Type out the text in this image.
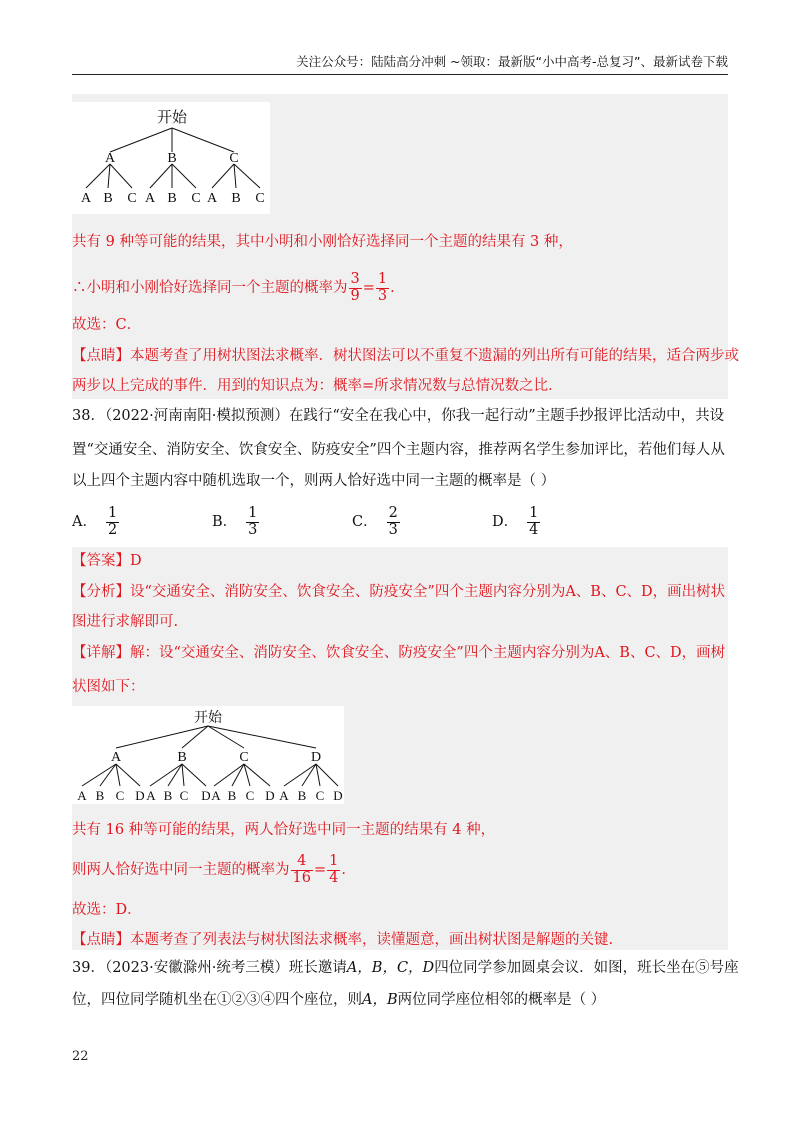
关注公众号：陆陆高分冲刺 ~领取：最新版“小中高考-总复习”、最新试卷下载
开始
A	B	C
A B C A B C A B C
共有 9 种等可能的结果，其中小明和小刚恰好选择同一个主题的结果有 3 种，
∴小明和小刚恰好选择同一个主题的概率为 $\frac{3}{9} = \frac{1}{3}$ .
故选：C．
【点睛】本题考查了用树状图法求概率．树状图法可以不重复不遗漏的列出所有可能的结果，适合两步或
两步以上完成的事件．用到的知识点为：概率=所求情况数与总情况数之比．
38．（2022·河南南阳·模拟预测）在践行“安全在我心中，你我一起行动”主题手抄报评比活动中，共设
置“交通安全、消防安全、饮食安全、防疫安全”四个主题内容，推荐两名学生参加评比，若他们每人从
以上四个主题内容中随机选取一个，则两人恰好选中同一主题的概率是（ ）
A． $\frac{1}{2}$	B． $\frac{1}{3}$	C． $\frac{2}{3}$	D． $\frac{1}{4}$
【答案】D
【分析】设“交通安全、消防安全、饮食安全、防疫安全”四个主题内容分别为A、B、C、D，画出树状
图进行求解即可.
【详解】解：设“交通安全、消防安全、饮食安全、防疫安全”四个主题内容分别为A、B、C、D，画树
状图如下：
开始
A	B	C	D
A B C D A B C D A B C D A B C D
共有 16 种等可能的结果，两人恰好选中同一主题的结果有 4 种，
则两人恰好选中同一主题的概率为 $\frac{4}{16} = \frac{1}{4}$ .
故选：D．
【点睛】本题考查了列表法与树状图法求概率，读懂题意，画出树状图是解题的关键.
39．（2023·安徽滁州·统考三模）班长邀请A，B，C，D四位同学参加圆桌会议．如图，班长坐在⑤号座
位，四位同学随机坐在①②③④四个座位，则A，B两位同学座位相邻的概率是（ ）
22
